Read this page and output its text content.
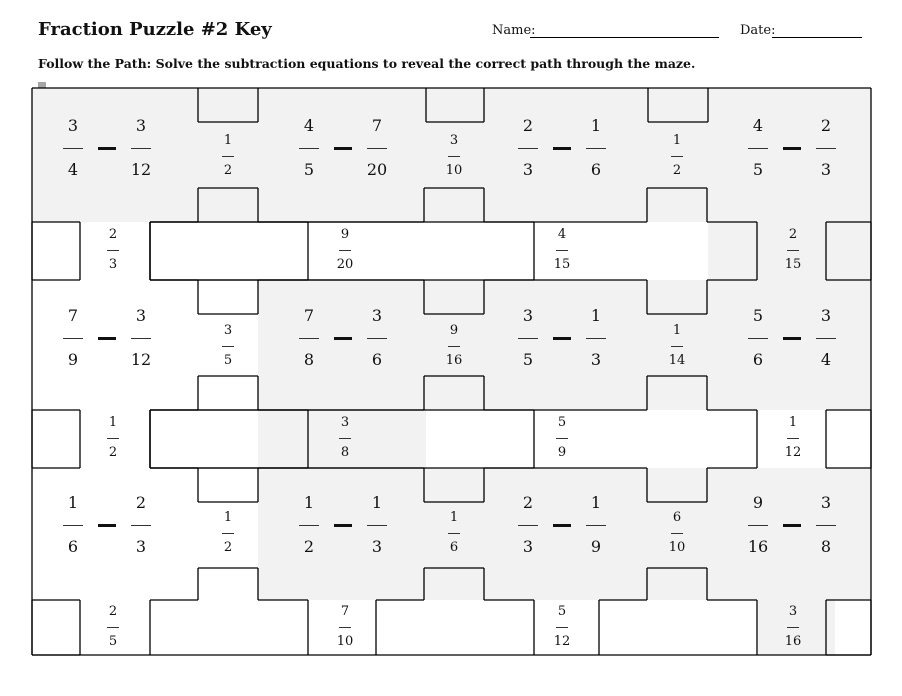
Fraction Puzzle #2 Key	Name:	Date:
Follow the Path: Solve the subtraction equations to reveal the correct path through the maze.
3
4
3
12
4
5
7
20
2
3
1
6
4
5
2
3
7
9
3
12
7
8
3
6
3
5
1
3
5
6
3
4
1
6
2
3
1
2
1
3
2
3
1
9
9
16
3
8
1
2
3
10
1
2
3
5
9
16
1
14
1
2
1
6
6
10
2
3
9
20
4
15
2
15
1
2
3
8
5
9
1
12
2
5
7
10
5
12
3
16
